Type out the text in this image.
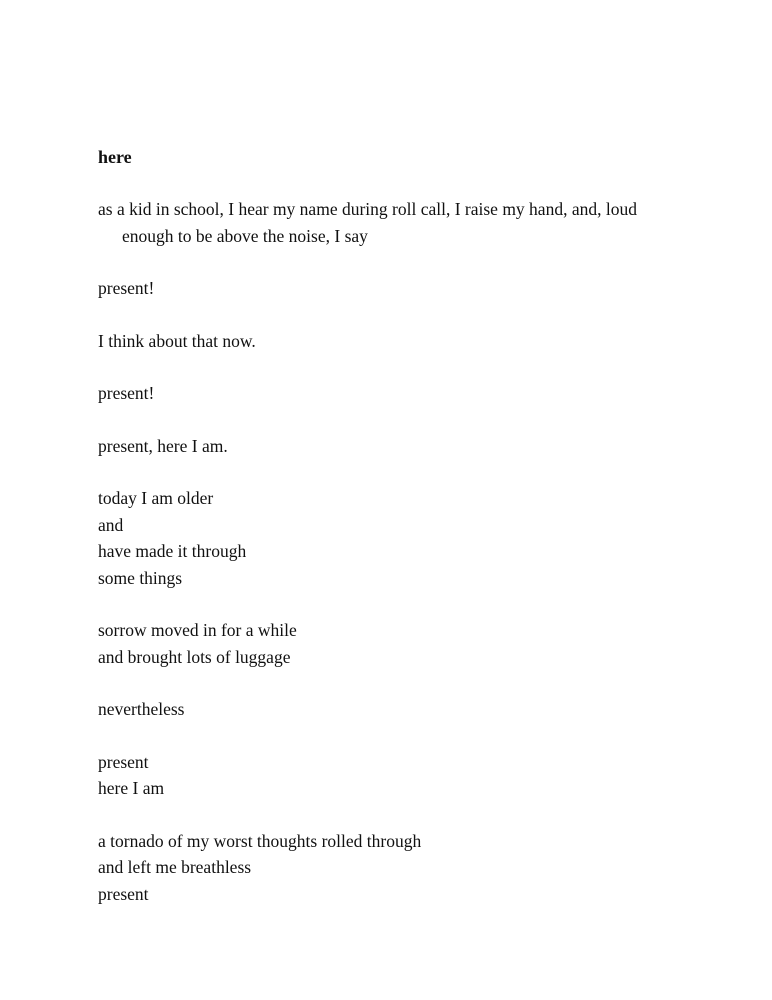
here
as a kid in school, I hear my name during roll call, I raise my hand, and, loud
enough to be above the noise, I say
present!
I think about that now.
present!
present, here I am.
today I am older
and
have made it through
some things
sorrow moved in for a while
and brought lots of luggage
nevertheless
present
here I am
a tornado of my worst thoughts rolled through
and left me breathless
present
